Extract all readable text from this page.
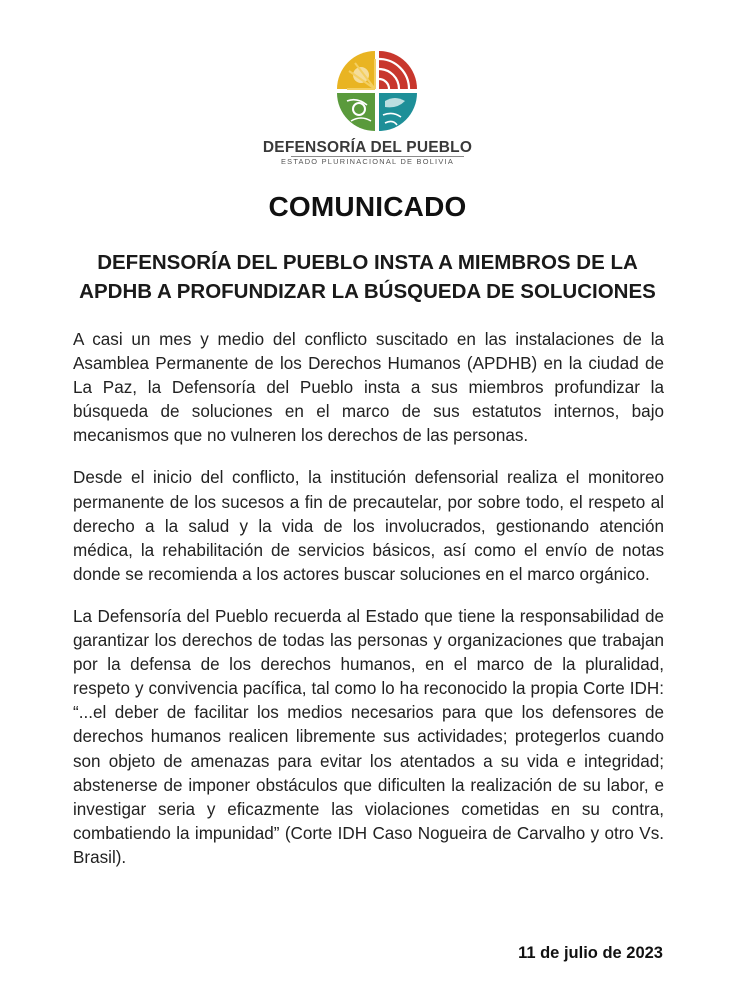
DEFENSORÍA DEL PUEBLO
ESTADO PLURINACIONAL DE BOLIVIA
COMUNICADO
DEFENSORÍA DEL PUEBLO INSTA A MIEMBROS DE LA APDHB A PROFUNDIZAR LA BÚSQUEDA DE SOLUCIONES

A casi un mes y medio del conflicto suscitado en las instalaciones de la Asamblea Permanente de los Derechos Humanos (APDHB) en la ciudad de La Paz, la Defensoría del Pueblo insta a sus miembros profundizar la búsqueda de soluciones en el marco de sus estatutos internos, bajo mecanismos que no vulneren los derechos de las personas.

Desde el inicio del conflicto, la institución defensorial realiza el monitoreo permanente de los sucesos a fin de precautelar, por sobre todo, el respeto al derecho a la salud y la vida de los involucrados, gestionando atención médica, la rehabilitación de servicios básicos, así como el envío de notas donde se recomienda a los actores buscar soluciones en el marco orgánico.

La Defensoría del Pueblo recuerda al Estado que tiene la responsabilidad de garantizar los derechos de todas las personas y organizaciones que trabajan por la defensa de los derechos humanos, en el marco de la pluralidad, respeto y convivencia pacífica, tal como lo ha reconocido la propia Corte IDH: “...el deber de facilitar los medios necesarios para que los defensores de derechos humanos realicen libremente sus actividades; protegerlos cuando son objeto de amenazas para evitar los atentados a su vida e integridad; abstenerse de imponer obstáculos que dificulten la realización de su labor, e investigar seria y eficazmente las violaciones cometidas en su contra, combatiendo la impunidad” (Corte IDH Caso Nogueira de Carvalho y otro Vs. Brasil).

11 de julio de 2023
